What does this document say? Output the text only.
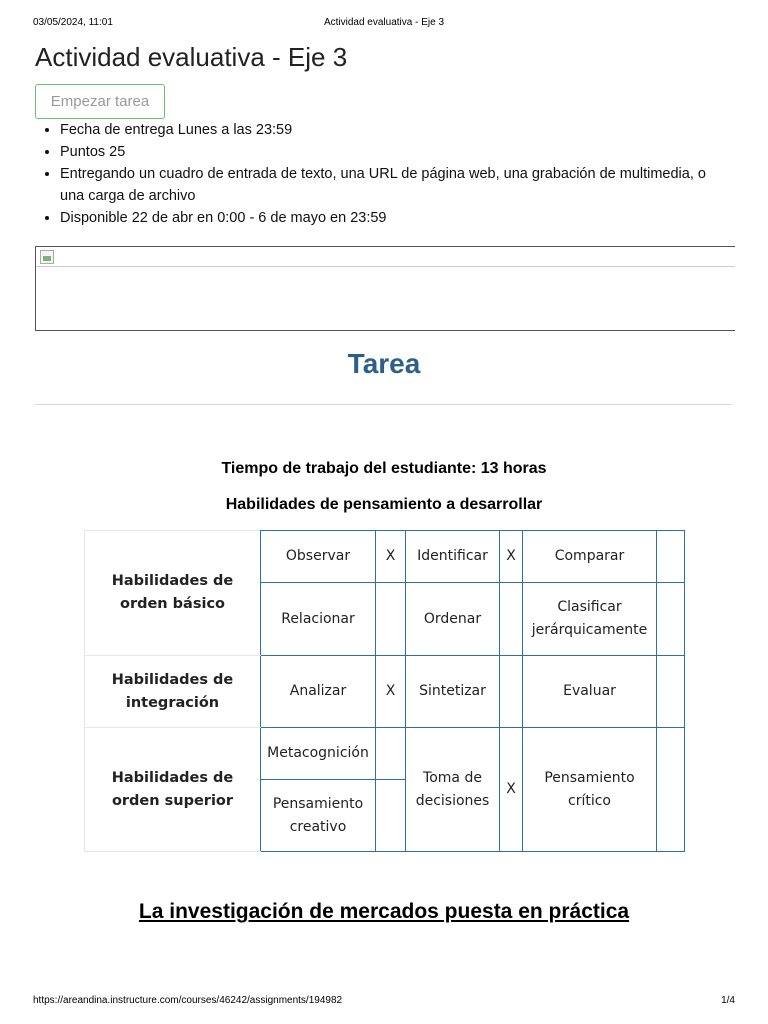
03/05/2024, 11:01	Actividad evaluativa - Eje 3
Actividad evaluativa - Eje 3
Empezar tarea
• Fecha de entrega Lunes a las 23:59
• Puntos 25
• Entregando un cuadro de entrada de texto, una URL de página web, una grabación de multimedia, o una carga de archivo
• Disponible 22 de abr en 0:00 - 6 de mayo en 23:59
Tarea
Tiempo de trabajo del estudiante: 13 horas
Habilidades de pensamiento a desarrollar
Habilidades de orden básico	Observar	X	Identificar	X	Comparar	
	Relacionar		Ordenar		Clasificar jerárquicamente	
Habilidades de integración	Analizar	X	Sintetizar		Evaluar	
Habilidades de orden superior	Metacognición		Toma de decisiones	X	Pensamiento crítico	
	Pensamiento creativo					
La investigación de mercados puesta en práctica
https://areandina.instructure.com/courses/46242/assignments/194982	1/4
